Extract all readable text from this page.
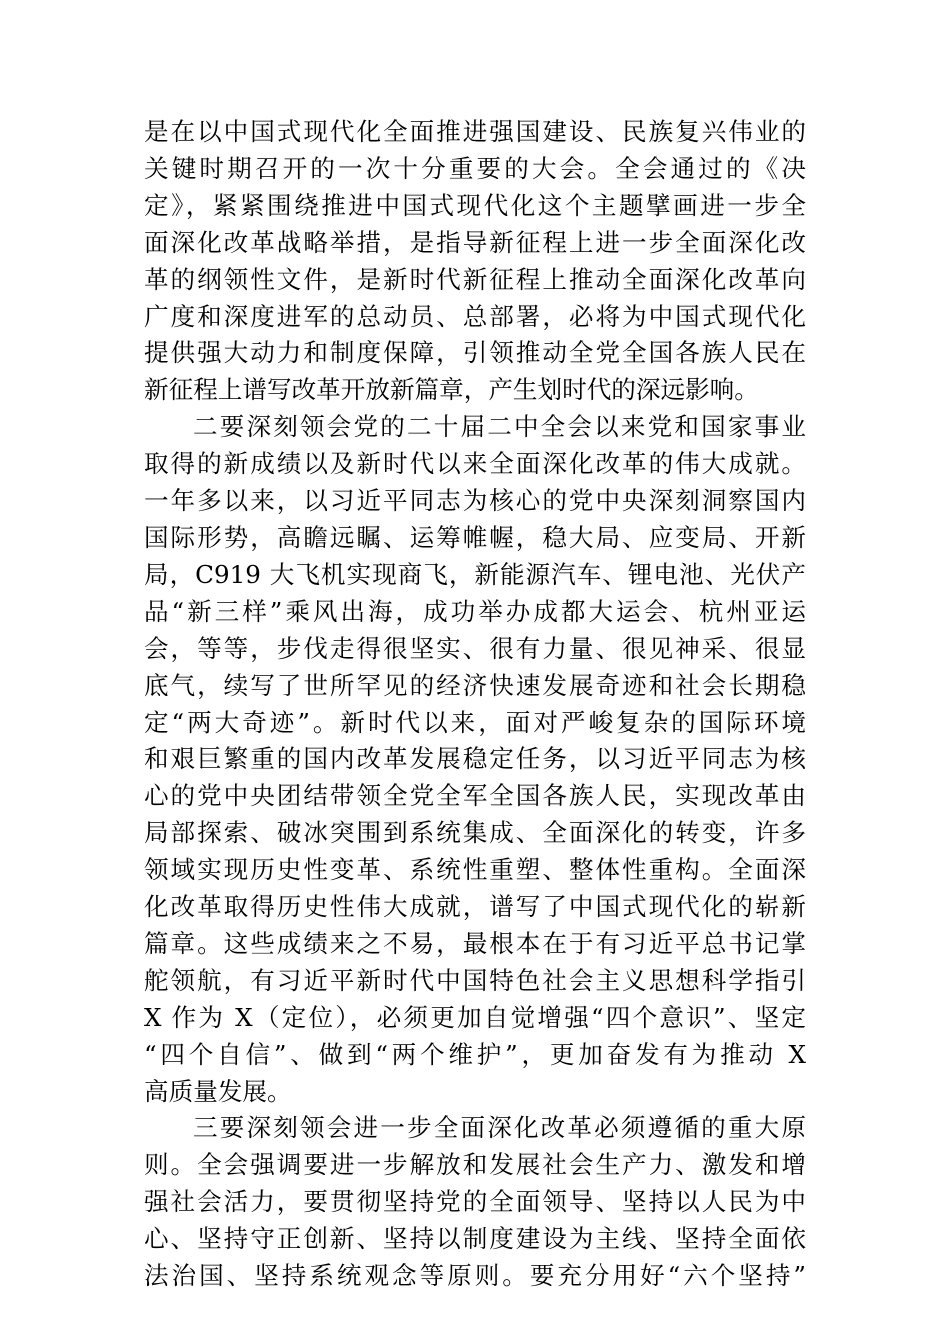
是在以中国式现代化全面推进强国建设、民族复兴伟业的
关键时期召开的一次十分重要的大会。全会通过的《决
定》，紧紧围绕推进中国式现代化这个主题擘画进一步全
面深化改革战略举措，是指导新征程上进一步全面深化改
革的纲领性文件，是新时代新征程上推动全面深化改革向
广度和深度进军的总动员、总部署，必将为中国式现代化
提供强大动力和制度保障，引领推动全党全国各族人民在
新征程上谱写改革开放新篇章，产生划时代的深远影响。

二要深刻领会党的二十届二中全会以来党和国家事业
取得的新成绩以及新时代以来全面深化改革的伟大成就。
一年多以来，以习近平同志为核心的党中央深刻洞察国内
国际形势，高瞻远瞩、运筹帷幄，稳大局、应变局、开新
局，C919 大飞机实现商飞，新能源汽车、锂电池、光伏产
品“新三样”乘风出海，成功举办成都大运会、杭州亚运
会，等等，步伐走得很坚实、很有力量、很见神采、很显
底气，续写了世所罕见的经济快速发展奇迹和社会长期稳
定“两大奇迹”。新时代以来，面对严峻复杂的国际环境
和艰巨繁重的国内改革发展稳定任务，以习近平同志为核
心的党中央团结带领全党全军全国各族人民，实现改革由
局部探索、破冰突围到系统集成、全面深化的转变，许多
领域实现历史性变革、系统性重塑、整体性重构。全面深
化改革取得历史性伟大成就，谱写了中国式现代化的崭新
篇章。这些成绩来之不易，最根本在于有习近平总书记掌
舵领航，有习近平新时代中国特色社会主义思想科学指引
X 作为 X（定位），必须更加自觉增强“四个意识”、坚定
“四个自信”、做到“两个维护”，更加奋发有为推动 X
高质量发展。

三要深刻领会进一步全面深化改革必须遵循的重大原
则。全会强调要进一步解放和发展社会生产力、激发和增
强社会活力，要贯彻坚持党的全面领导、坚持以人民为中
心、坚持守正创新、坚持以制度建设为主线、坚持全面依
法治国、坚持系统观念等原则。要充分用好“六个坚持”
